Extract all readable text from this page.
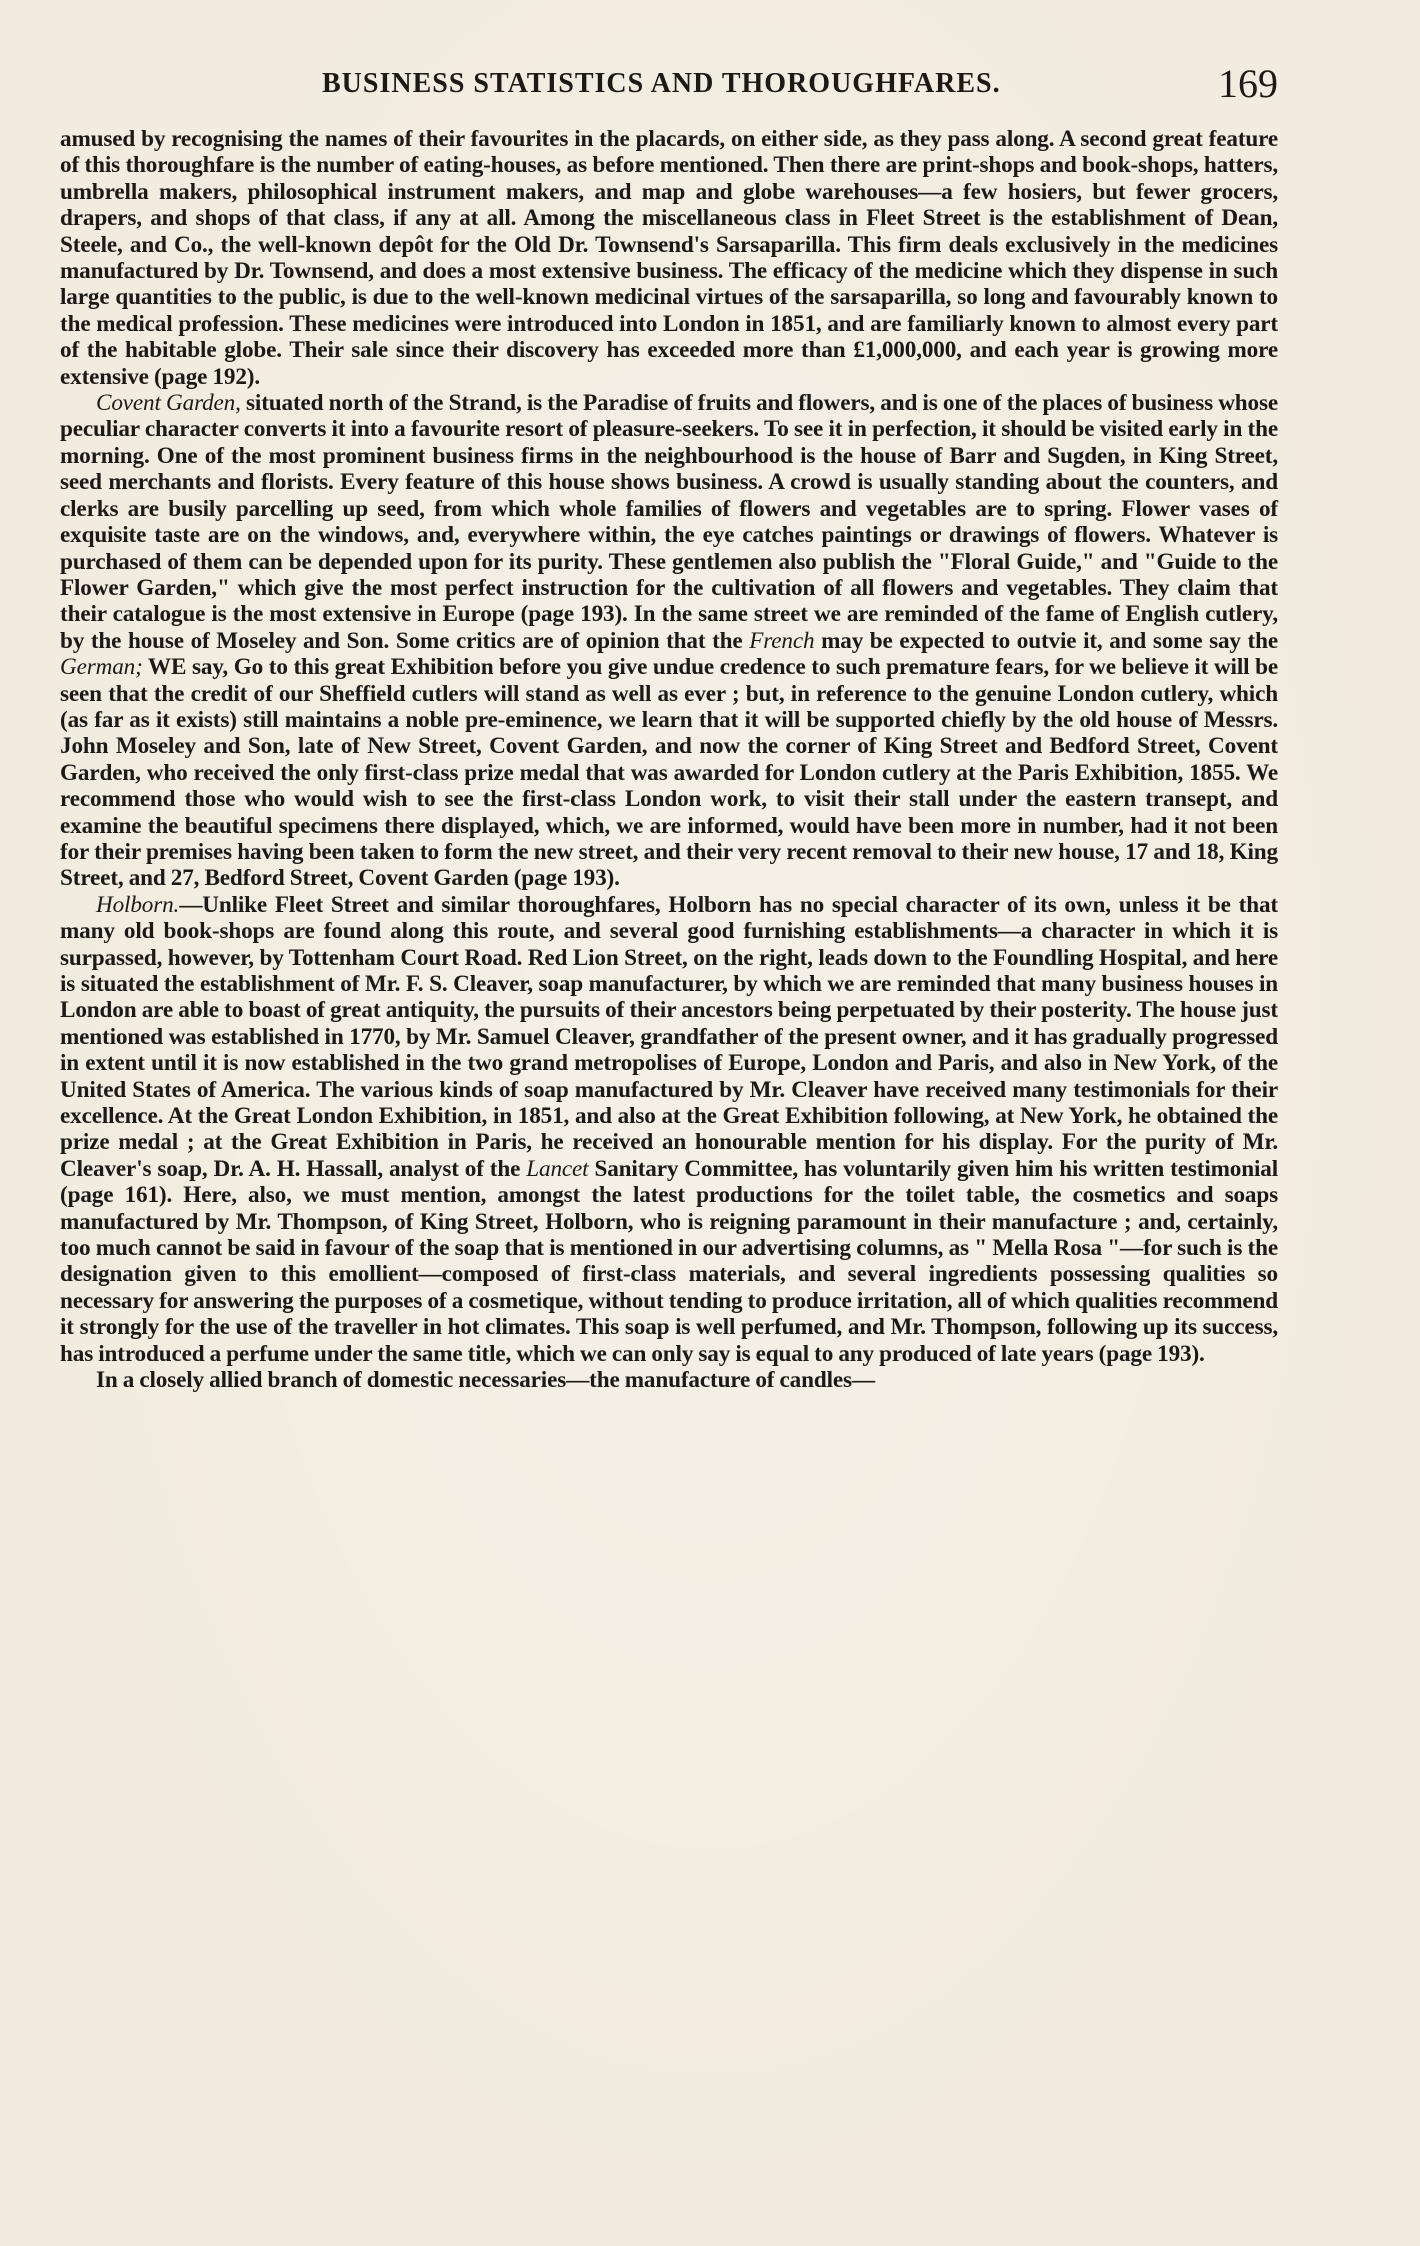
BUSINESS STATISTICS AND THOROUGHFARES.	169

amused by recognising the names of their favourites in the placards, on either side, as they pass along. A second great feature of this thoroughfare is the number of eating-houses, as before mentioned. Then there are print-shops and book-shops, hatters, umbrella makers, philosophical instrument makers, and map and globe warehouses—a few hosiers, but fewer grocers, drapers, and shops of that class, if any at all. Among the miscellaneous class in Fleet Street is the establishment of Dean, Steele, and Co., the well-known depôt for the Old Dr. Townsend's Sarsaparilla. This firm deals exclusively in the medicines manufactured by Dr. Townsend, and does a most extensive business. The efficacy of the medicine which they dispense in such large quantities to the public, is due to the well-known medicinal virtues of the sarsaparilla, so long and favourably known to the medical profession. These medicines were introduced into London in 1851, and are familiarly known to almost every part of the habitable globe. Their sale since their discovery has exceeded more than £1,000,000, and each year is growing more extensive (page 192).

Covent Garden, situated north of the Strand, is the Paradise of fruits and flowers, and is one of the places of business whose peculiar character converts it into a favourite resort of pleasure-seekers. To see it in perfection, it should be visited early in the morning. One of the most prominent business firms in the neighbourhood is the house of Barr and Sugden, in King Street, seed merchants and florists. Every feature of this house shows business. A crowd is usually standing about the counters, and clerks are busily parcelling up seed, from which whole families of flowers and vegetables are to spring. Flower vases of exquisite taste are on the windows, and, everywhere within, the eye catches paintings or drawings of flowers. Whatever is purchased of them can be depended upon for its purity. These gentlemen also publish the "Floral Guide," and "Guide to the Flower Garden," which give the most perfect instruction for the cultivation of all flowers and vegetables. They claim that their catalogue is the most extensive in Europe (page 193). In the same street we are reminded of the fame of English cutlery, by the house of Moseley and Son. Some critics are of opinion that the French may be expected to outvie it, and some say the German; WE say, Go to this great Exhibition before you give undue credence to such premature fears, for we believe it will be seen that the credit of our Sheffield cutlers will stand as well as ever ; but, in reference to the genuine London cutlery, which (as far as it exists) still maintains a noble pre-eminence, we learn that it will be supported chiefly by the old house of Messrs. John Moseley and Son, late of New Street, Covent Garden, and now the corner of King Street and Bedford Street, Covent Garden, who received the only first-class prize medal that was awarded for London cutlery at the Paris Exhibition, 1855. We recommend those who would wish to see the first-class London work, to visit their stall under the eastern transept, and examine the beautiful specimens there displayed, which, we are informed, would have been more in number, had it not been for their premises having been taken to form the new street, and their very recent removal to their new house, 17 and 18, King Street, and 27, Bedford Street, Covent Garden (page 193).

Holborn.—Unlike Fleet Street and similar thoroughfares, Holborn has no special character of its own, unless it be that many old book-shops are found along this route, and several good furnishing establishments—a character in which it is surpassed, however, by Tottenham Court Road. Red Lion Street, on the right, leads down to the Foundling Hospital, and here is situated the establishment of Mr. F. S. Cleaver, soap manufacturer, by which we are reminded that many business houses in London are able to boast of great antiquity, the pursuits of their ancestors being perpetuated by their posterity. The house just mentioned was established in 1770, by Mr. Samuel Cleaver, grandfather of the present owner, and it has gradually progressed in extent until it is now established in the two grand metropolises of Europe, London and Paris, and also in New York, of the United States of America. The various kinds of soap manufactured by Mr. Cleaver have received many testimonials for their excellence. At the Great London Exhibition, in 1851, and also at the Great Exhibition following, at New York, he obtained the prize medal ; at the Great Exhibition in Paris, he received an honourable mention for his display. For the purity of Mr. Cleaver's soap, Dr. A. H. Hassall, analyst of the Lancet Sanitary Committee, has voluntarily given him his written testimonial (page 161). Here, also, we must mention, amongst the latest productions for the toilet table, the cosmetics and soaps manufactured by Mr. Thompson, of King Street, Holborn, who is reigning paramount in their manufacture ; and, certainly, too much cannot be said in favour of the soap that is mentioned in our advertising columns, as " Mella Rosa "—for such is the designation given to this emollient—composed of first-class materials, and several ingredients possessing qualities so necessary for answering the purposes of a cosmetique, without tending to produce irritation, all of which qualities recommend it strongly for the use of the traveller in hot climates. This soap is well perfumed, and Mr. Thompson, following up its success, has introduced a perfume under the same title, which we can only say is equal to any produced of late years (page 193).

In a closely allied branch of domestic necessaries—the manufacture of candles—
